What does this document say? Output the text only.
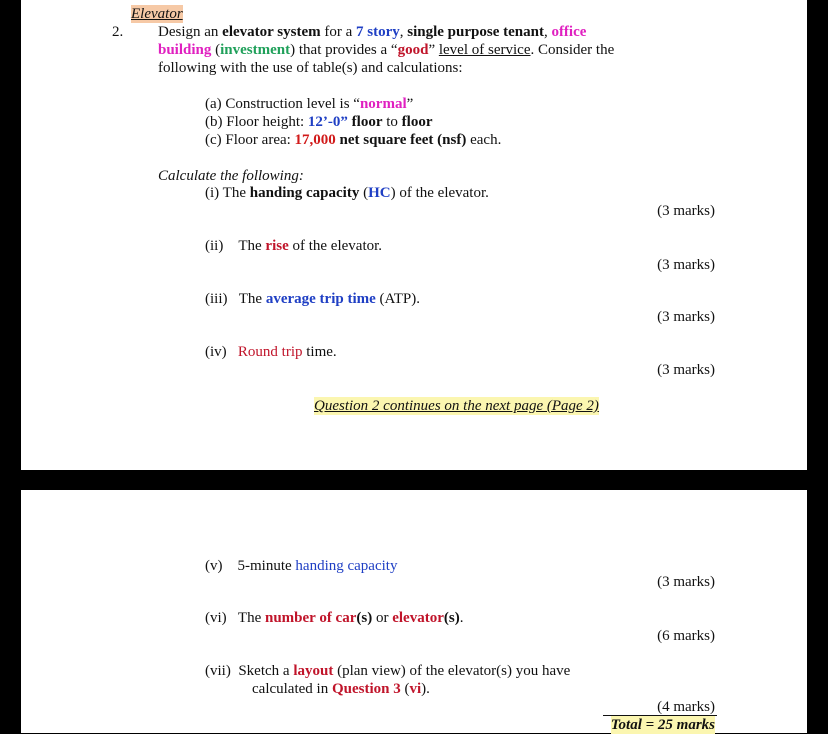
Elevator
2. Design an elevator system for a 7 story, single purpose tenant, office
building (investment) that provides a “good” level of service. Consider the
following with the use of table(s) and calculations:
(a) Construction level is “normal”
(b) Floor height: 12’-0” floor to floor
(c) Floor area: 17,000 net square feet (nsf) each.
Calculate the following:
(i) The handing capacity (HC) of the elevator.
(3 marks)
(ii) The rise of the elevator.
(3 marks)
(iii) The average trip time (ATP).
(3 marks)
(iv) Round trip time.
(3 marks)
Question 2 continues on the next page (Page 2)
(v) 5-minute handing capacity
(3 marks)
(vi) The number of car(s) or elevator(s).
(6 marks)
(vii) Sketch a layout (plan view) of the elevator(s) you have
calculated in Question 3 (vi).
(4 marks)
Total = 25 marks
